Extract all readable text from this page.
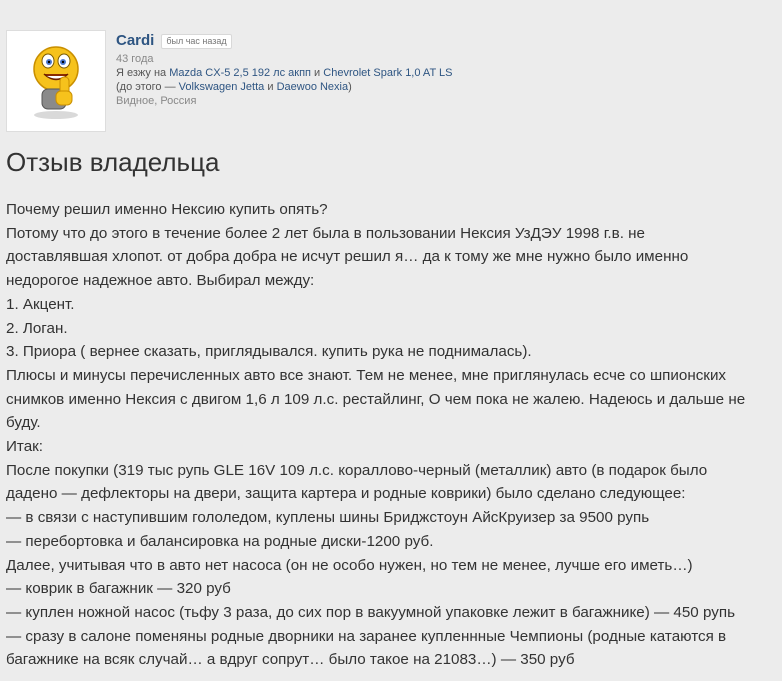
Cardi	был час назад
43 года
Я езжу на Mazda CX-5 2,5 192 лс акпп и Chevrolet Spark 1,0 AT LS
(до этого — Volkswagen Jetta и Daewoo Nexia)
Видное, Россия
Отзыв владельца

Почему решил именно Нексию купить опять?

Потому что до этого в течение более 2 лет была в пользовании Нексия УзДЭУ 1998 г.в. не

доставлявшая хлопот. от добра добра не исчут решил я… да к тому же мне нужно было именно

недорогое надежное авто. Выбирал между:

1. Акцент.

2. Логан.

3. Приора ( вернее сказать, приглядывался. купить рука не поднималась).

Плюсы и минусы перечисленных авто все знают. Тем не менее, мне приглянулась есче со шпионских

снимков именно Нексия с двигом 1,6 л 109 л.с. рестайлинг, О чем пока не жалею. Надеюсь и дальше не

буду.

Итак:

После покупки (319 тыс рупь GLE 16V 109 л.с. кораллово-черный (металлик) авто (в подарок было

дадено — дефлекторы на двери, защита картера и родные коврики) было сделано следующее:

— в связи с наступившим гололедом, куплены шины Бриджстоун АйсКруизер за 9500 рупь

— перебортовка и балансировка на родные диски-1200 руб.

Далее, учитывая что в авто нет насоса (он не особо нужен, но тем не менее, лучше его иметь…)

— коврик в багажник — 320 руб

— куплен ножной насос (тьфу 3 раза, до сих пор в вакуумной упаковке лежит в багажнике) — 450 рупь

— сразу в салоне поменяны родные дворники на заранее купленнные Чемпионы (родные катаются в

багажнике на всяк случай… а вдруг сопрут… было такое на 21083…) — 350 руб
